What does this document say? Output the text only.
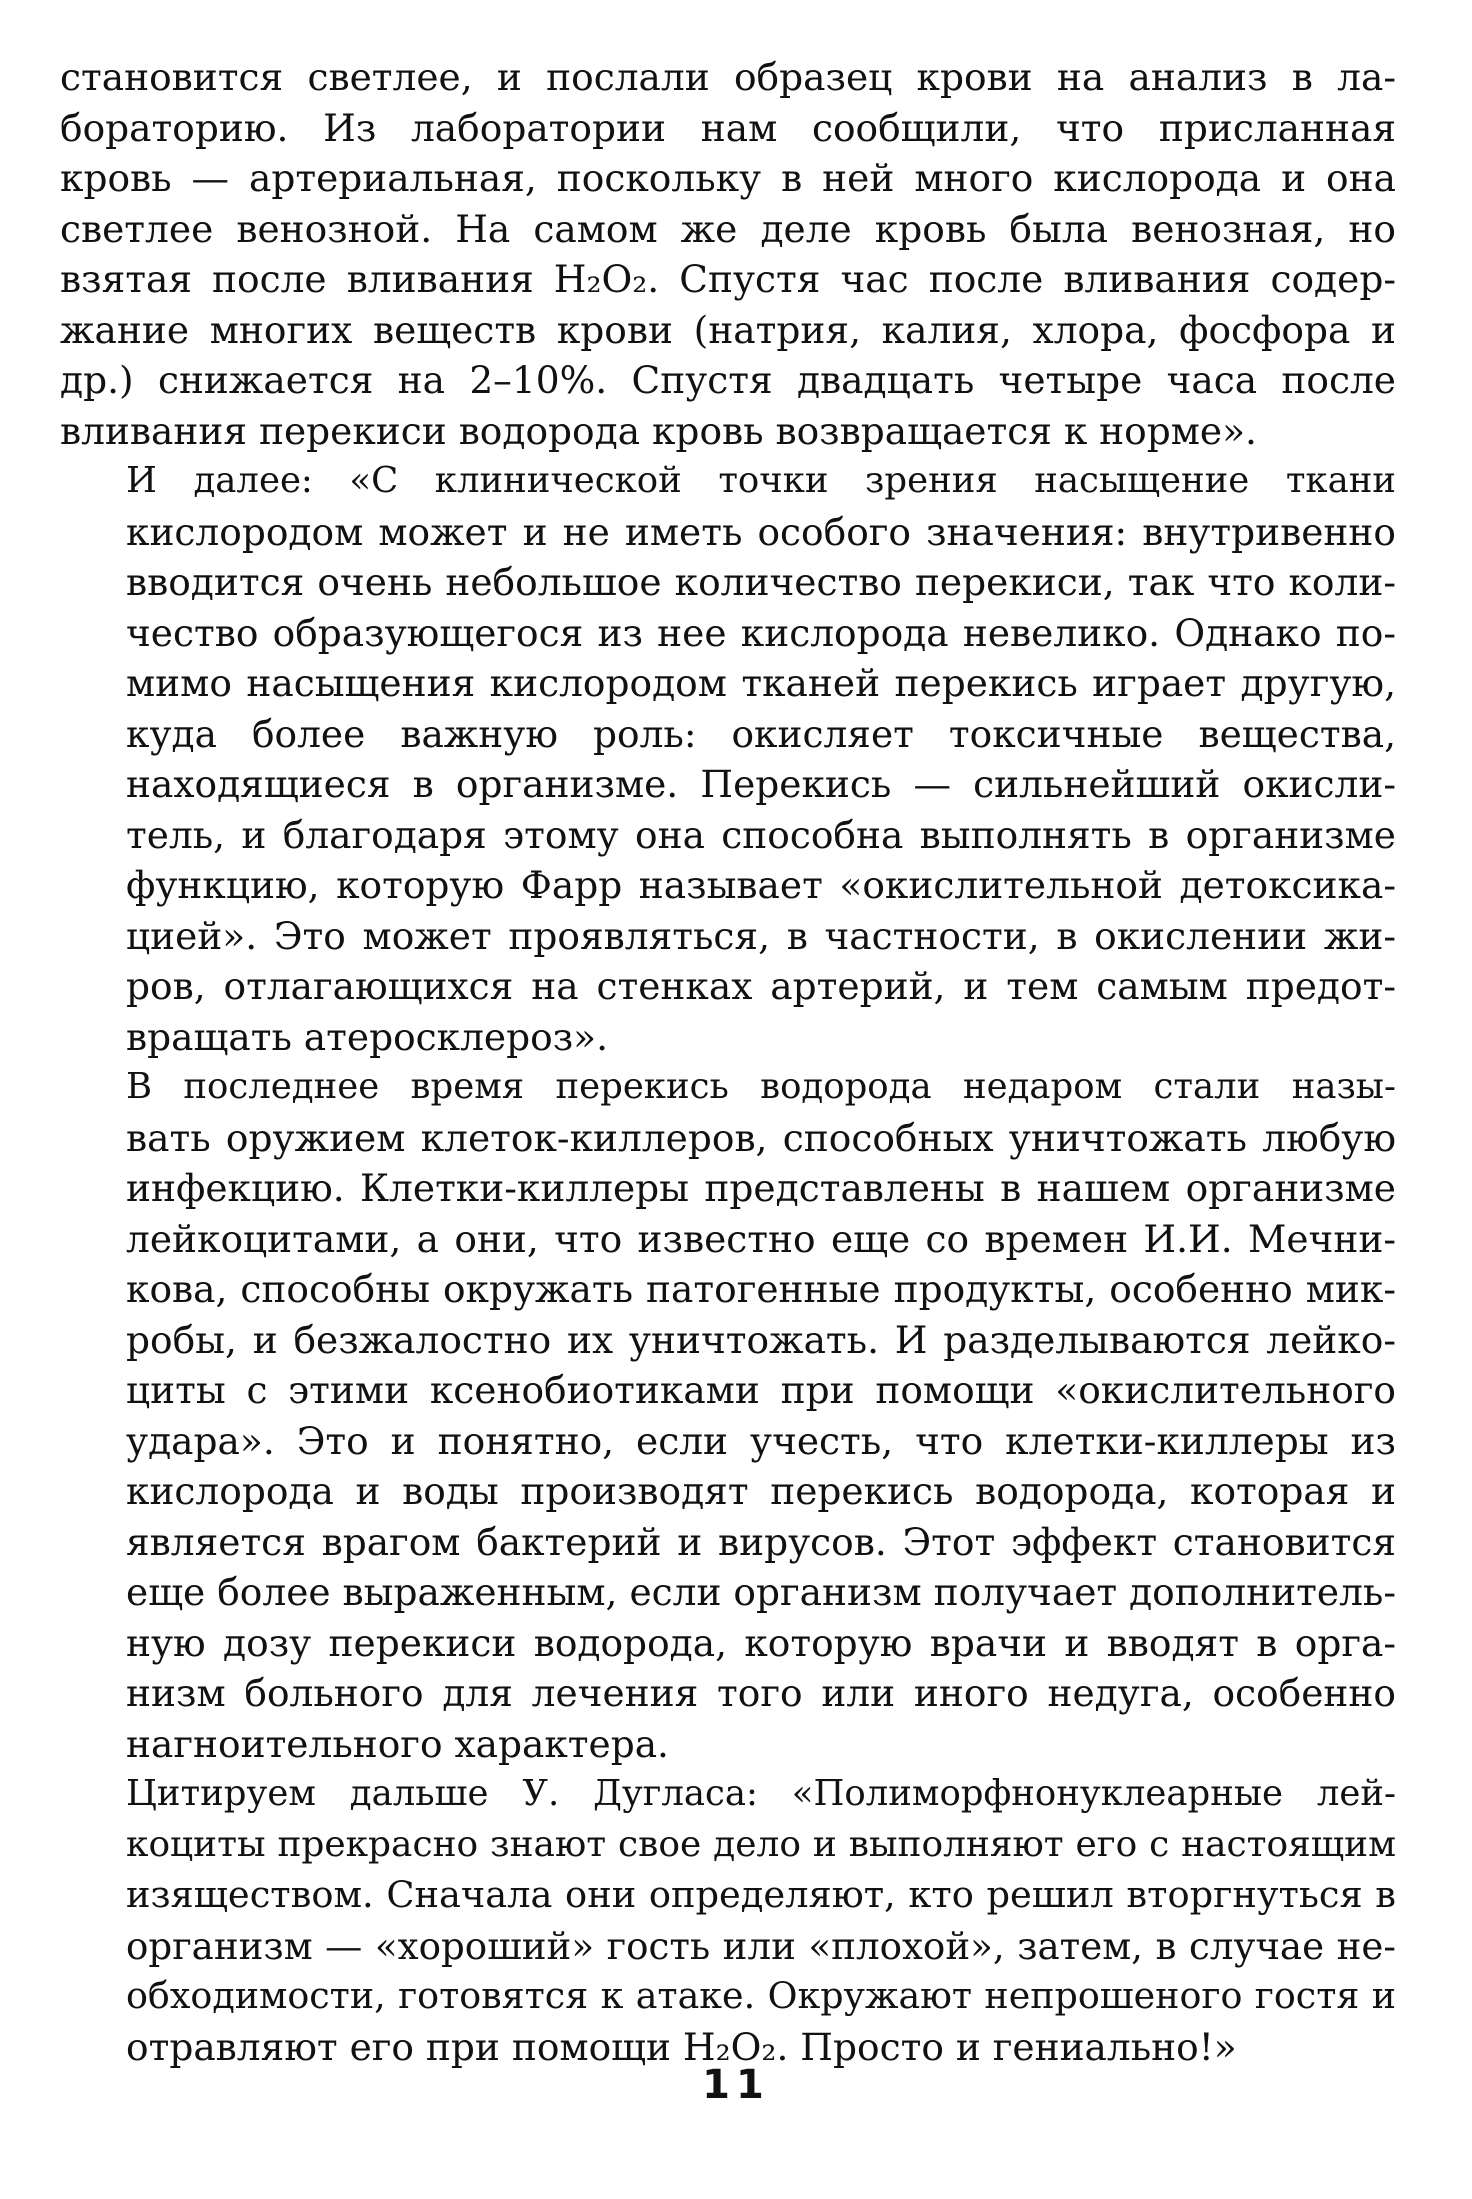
становится светлее, и послали образец крови на анализ в ла-
бораторию. Из лаборатории нам сообщили, что присланная
кровь — артериальная, поскольку в ней много кислорода и она
светлее венозной. На самом же деле кровь была венозная, но
взятая после вливания H₂O₂. Спустя час после вливания содер-
жание многих веществ крови (натрия, калия, хлора, фосфора и
др.) снижается на 2–10%. Спустя двадцать четыре часа после
вливания перекиси водорода кровь возвращается к норме».

И далее: «С клинической точки зрения насыщение ткани
кислородом может и не иметь особого значения: внутривенно
вводится очень небольшое количество перекиси, так что коли-
чество образующегося из нее кислорода невелико. Однако по-
мимо насыщения кислородом тканей перекись играет другую,
куда более важную роль: окисляет токсичные вещества,
находящиеся в организме. Перекись — сильнейший окисли-
тель, и благодаря этому она способна выполнять в организме
функцию, которую Фарр называет «окислительной детоксика-
цией». Это может проявляться, в частности, в окислении жи-
ров, отлагающихся на стенках артерий, и тем самым предот-
вращать атеросклероз».

В последнее время перекись водорода недаром стали назы-
вать оружием клеток-киллеров, способных уничтожать любую
инфекцию. Клетки-киллеры представлены в нашем организме
лейкоцитами, а они, что известно еще со времен И.И. Мечни-
кова, способны окружать патогенные продукты, особенно мик-
робы, и безжалостно их уничтожать. И разделываются лейко-
циты с этими ксенобиотиками при помощи «окислительного
удара». Это и понятно, если учесть, что клетки-киллеры из
кислорода и воды производят перекись водорода, которая и
является врагом бактерий и вирусов. Этот эффект становится
еще более выраженным, если организм получает дополнитель-
ную дозу перекиси водорода, которую врачи и вводят в орга-
низм больного для лечения того или иного недуга, особенно
нагноительного характера.

Цитируем дальше У. Дугласа: «Полиморфнонуклеарные лей-
коциты прекрасно знают свое дело и выполняют его с настоящим
изяществом. Сначала они определяют, кто решил вторгнуться в
организм — «хороший» гость или «плохой», затем, в случае не-
обходимости, готовятся к атаке. Окружают непрошеного гостя и
отравляют его при помощи H₂O₂. Просто и гениально!»

11
